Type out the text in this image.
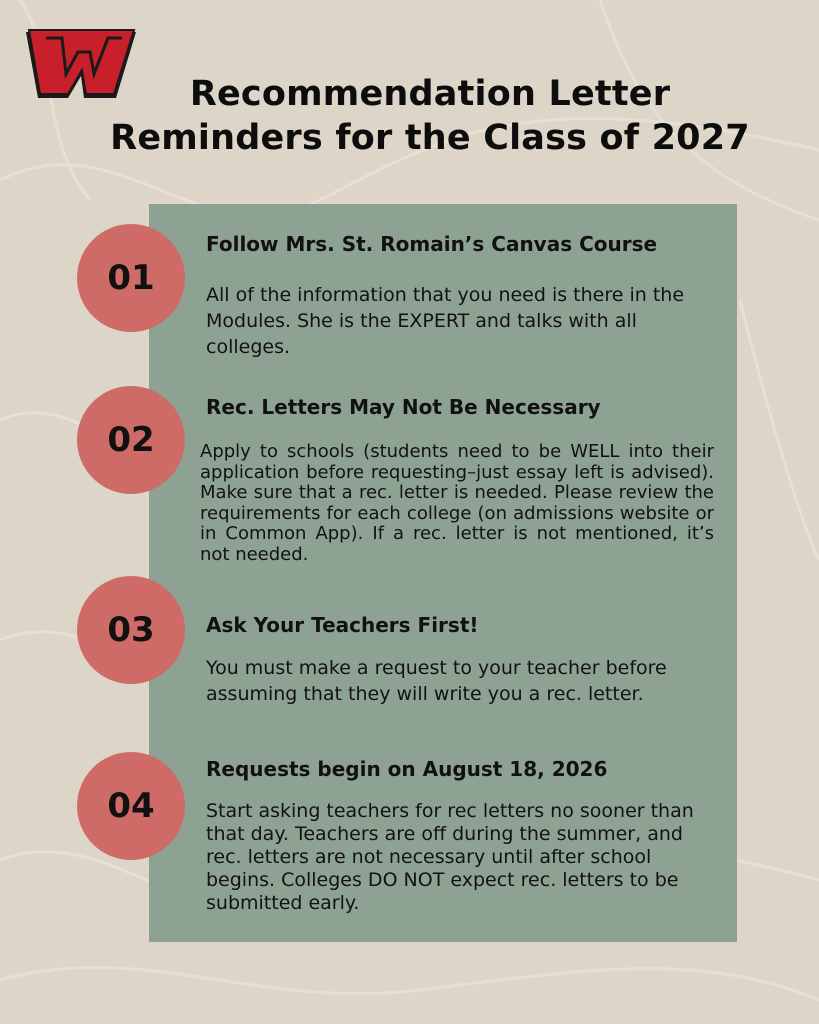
Recommendation Letter
Reminders for the Class of 2027
01
Follow Mrs. St. Romain’s Canvas Course
All of the information that you need is there in the Modules. She is the EXPERT and talks with all colleges.
02
Rec. Letters May Not Be Necessary
Apply to schools (students need to be WELL into their application before requesting–just essay left is advised). Make sure that a rec. letter is needed. Please review the requirements for each college (on admissions website or in Common App). If a rec. letter is not mentioned, it’s not needed.
03	Ask Your Teachers First!
You must make a request to your teacher before assuming that they will write you a rec. letter.
04
Requests begin on August 18, 2026
Start asking teachers for rec letters no sooner than that day. Teachers are off during the summer, and rec. letters are not necessary until after school begins. Colleges DO NOT expect rec. letters to be submitted early.
